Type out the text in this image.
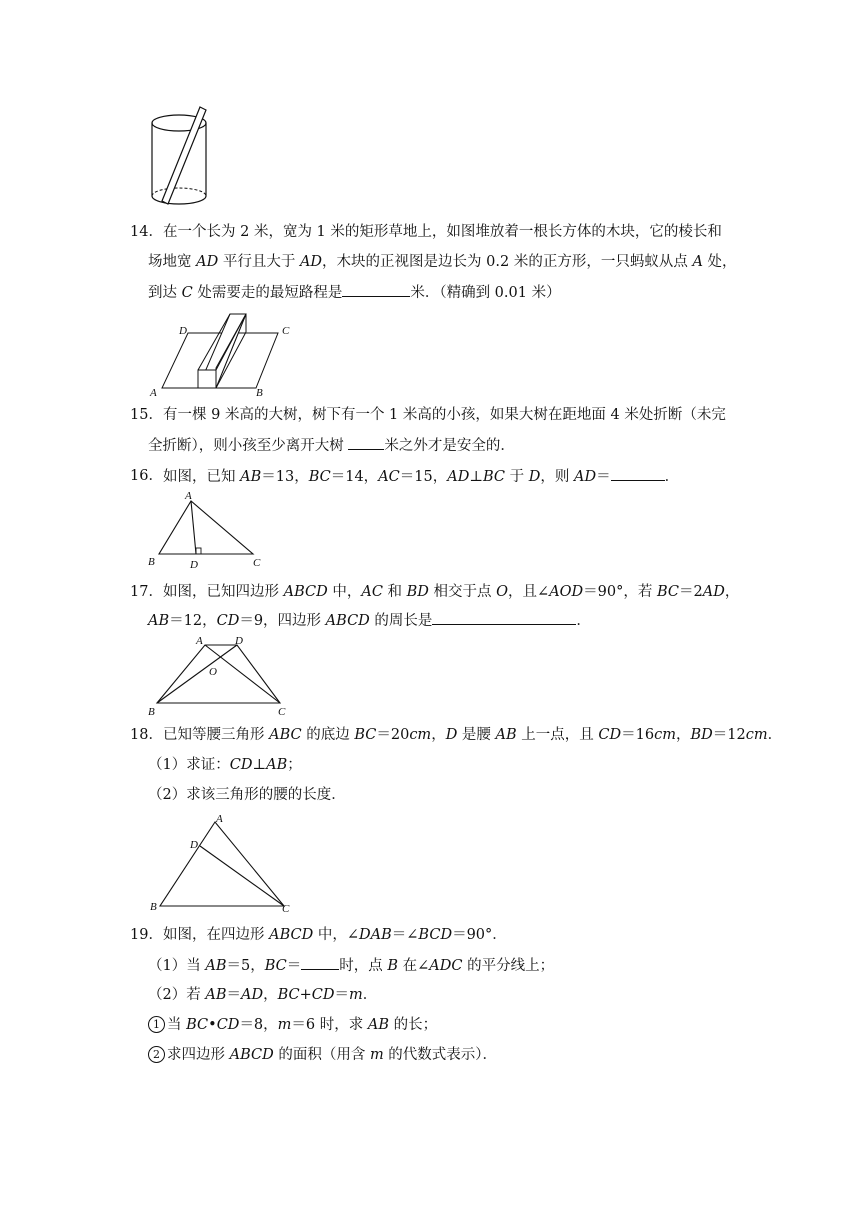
14． 在一个长为 2 米，宽为 1 米的矩形草地上，如图堆放着一根长方体的木块，它的棱长和
场地宽 AD 平行且大于 AD，木块的正视图是边长为 0.2 米的正方形，一只蚂蚁从点 A 处，
到达 C 处需要走的最短路程是	米．（精确到 0.01 米）
D	C
A	B
15． 有一棵 9 米高的大树，树下有一个 1 米高的小孩，如果大树在距地面 4 米处折断（未完
全折断），则小孩至少离开大树 米之外才是安全的．
16． 如图，已知 AB＝13，BC＝14，AC＝15，AD⊥BC 于 D，则 AD＝	．
A
B	D	C
17． 如图，已知四边形 ABCD 中，AC 和 BD 相交于点 O，且∠AOD＝90°，若 BC＝2AD，
AB＝12，CD＝9，四边形 ABCD 的周长是	．
A	D
O
B	C
18． 已知等腰三角形 ABC 的底边 BC＝20cm，D 是腰 AB 上一点，且 CD＝16cm，BD＝12cm．
（1）求证：CD⊥AB；
（2）求该三角形的腰的长度．
A
D
B	C
19． 如图，在四边形 ABCD 中，∠DAB＝∠BCD＝90°．
（1）当 AB＝5，BC＝	时，点 B 在∠ADC 的平分线上；
（2）若 AB＝AD，BC+CD＝m．
1 当 BC•CD＝8，m＝6 时，求 AB 的长；
2 求四边形 ABCD 的面积（用含 m 的代数式表示）．
